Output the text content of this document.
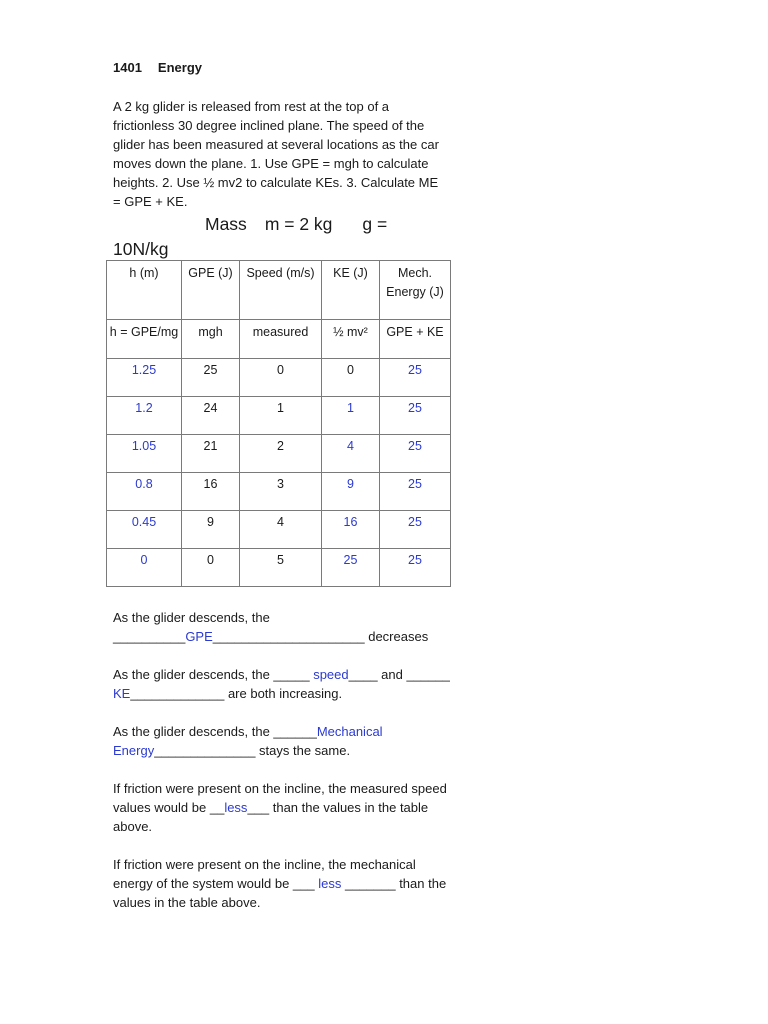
1401 Energy
A 2 kg glider is released from rest at the top of a frictionless 30 degree inclined plane. The speed of the glider has been measured at several locations as the car moves down the plane. 1. Use GPE = mgh to calculate heights. 2. Use ½ mv2 to calculate KEs. 3. Calculate ME = GPE + KE.
Mass m = 2 kg g =
10N/kg
h (m)	GPE (J)	Speed (m/s)	KE (J)	Mech. Energy (J)
h = GPE/mg	mgh	measured	½ mv²	GPE + KE
1.25	25	0	0	25
1.2	24	1	1	25
1.05	21	2	4	25
0.8	16	3	9	25
0.45	9	4	16	25
0	0	5	25	25
As the glider descends, the __________GPE_____________________ decreases
As the glider descends, the _____ speed____ and ______ KE_____________ are both increasing.
As the glider descends, the ______Mechanical Energy______________ stays the same.
If friction were present on the incline, the measured speed values would be __less___ than the values in the table above.
If friction were present on the incline, the mechanical energy of the system would be ___ less _______ than the values in the table above.
